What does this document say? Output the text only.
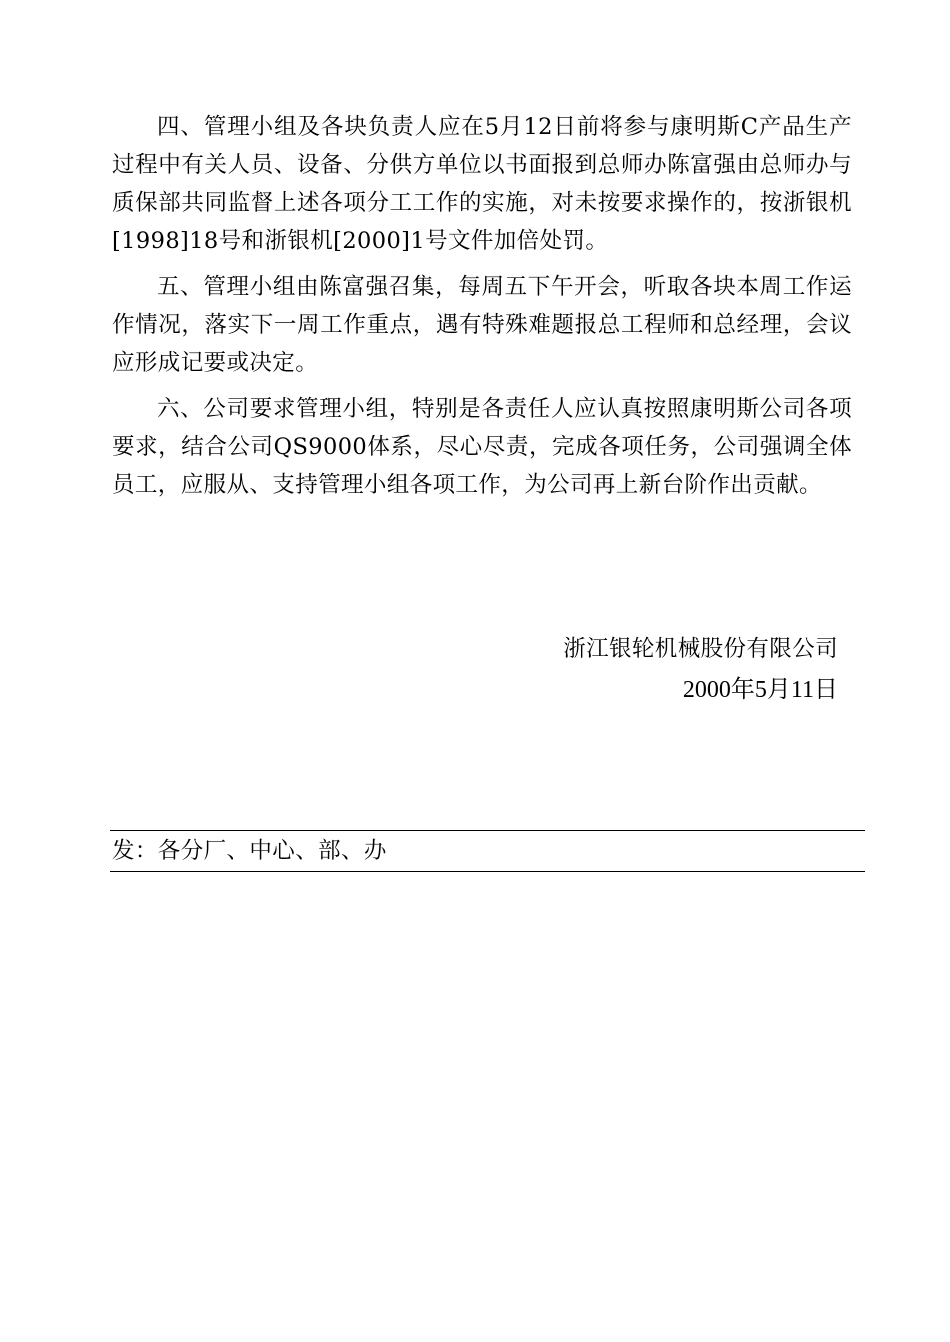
四、管理小组及各块负责人应在5月12日前将参与康明斯C产品生产过程中有关人员、设备、分供方单位以书面报到总师办陈富强由总师办与质保部共同监督上述各项分工工作的实施，对未按要求操作的，按浙银机[1998]18号和浙银机[2000]1号文件加倍处罚。

五、管理小组由陈富强召集，每周五下午开会，听取各块本周工作运作情况，落实下一周工作重点，遇有特殊难题报总工程师和总经理，会议应形成记要或决定。

六、公司要求管理小组，特别是各责任人应认真按照康明斯公司各项要求，结合公司QS9000体系，尽心尽责，完成各项任务，公司强调全体员工，应服从、支持管理小组各项工作，为公司再上新台阶作出贡献。

浙江银轮机械股份有限公司
2000年5月11日
发：各分厂、中心、部、办
